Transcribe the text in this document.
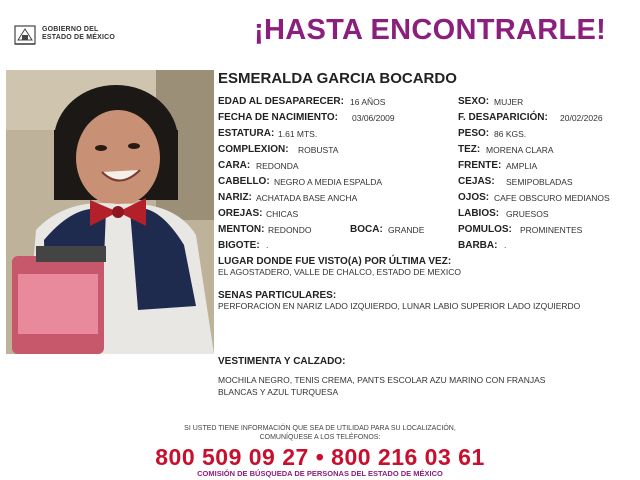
GOBIERNO DEL
ESTADO DE MÉXICO	¡HASTA ENCONTRARLE!
ESMERALDA GARCIA BOCARDO
EDAD AL DESAPARECER: 16 AÑOS
FECHA DE NACIMIENTO: 03/06/2009
ESTATURA: 1.61 MTS.
COMPLEXION: ROBUSTA
CARA: REDONDA
CABELLO: NEGRO A MEDIA ESPALDA
NARIZ: ACHATADA BASE ANCHA
OREJAS: CHICAS
MENTON: REDONDO	BOCA: GRANDE
BIGOTE: .
SEXO: MUJER
F. DESAPARICIÓN: 20/02/2026
PESO: 86 KGS.
TEZ: MORENA CLARA
FRENTE: AMPLIA
CEJAS: SEMIPOBLADAS
OJOS: CAFE OBSCURO MEDIANOS
LABIOS: GRUESOS
POMULOS: PROMINENTES
BARBA: .
LUGAR DONDE FUE VISTO(A) POR ÚLTIMA VEZ:
EL AGOSTADERO, VALLE DE CHALCO, ESTADO DE MEXICO
SENAS PARTICULARES:
PERFORACION EN NARIZ LADO IZQUIERDO, LUNAR LABIO SUPERIOR LADO IZQUIERDO
VESTIMENTA Y CALZADO:
MOCHILA NEGRO, TENIS CREMA, PANTS ESCOLAR AZU MARINO CON FRANJAS
BLANCAS Y AZUL TURQUESA
SI USTED TIENE INFORMACIÓN QUE SEA DE UTILIDAD PARA SU LOCALIZACIÓN,
COMUNÍQUESE A LOS TELÉFONOS:
800 509 09 27 • 800 216 03 61
COMISIÓN DE BÚSQUEDA DE PERSONAS DEL ESTADO DE MÉXICO
